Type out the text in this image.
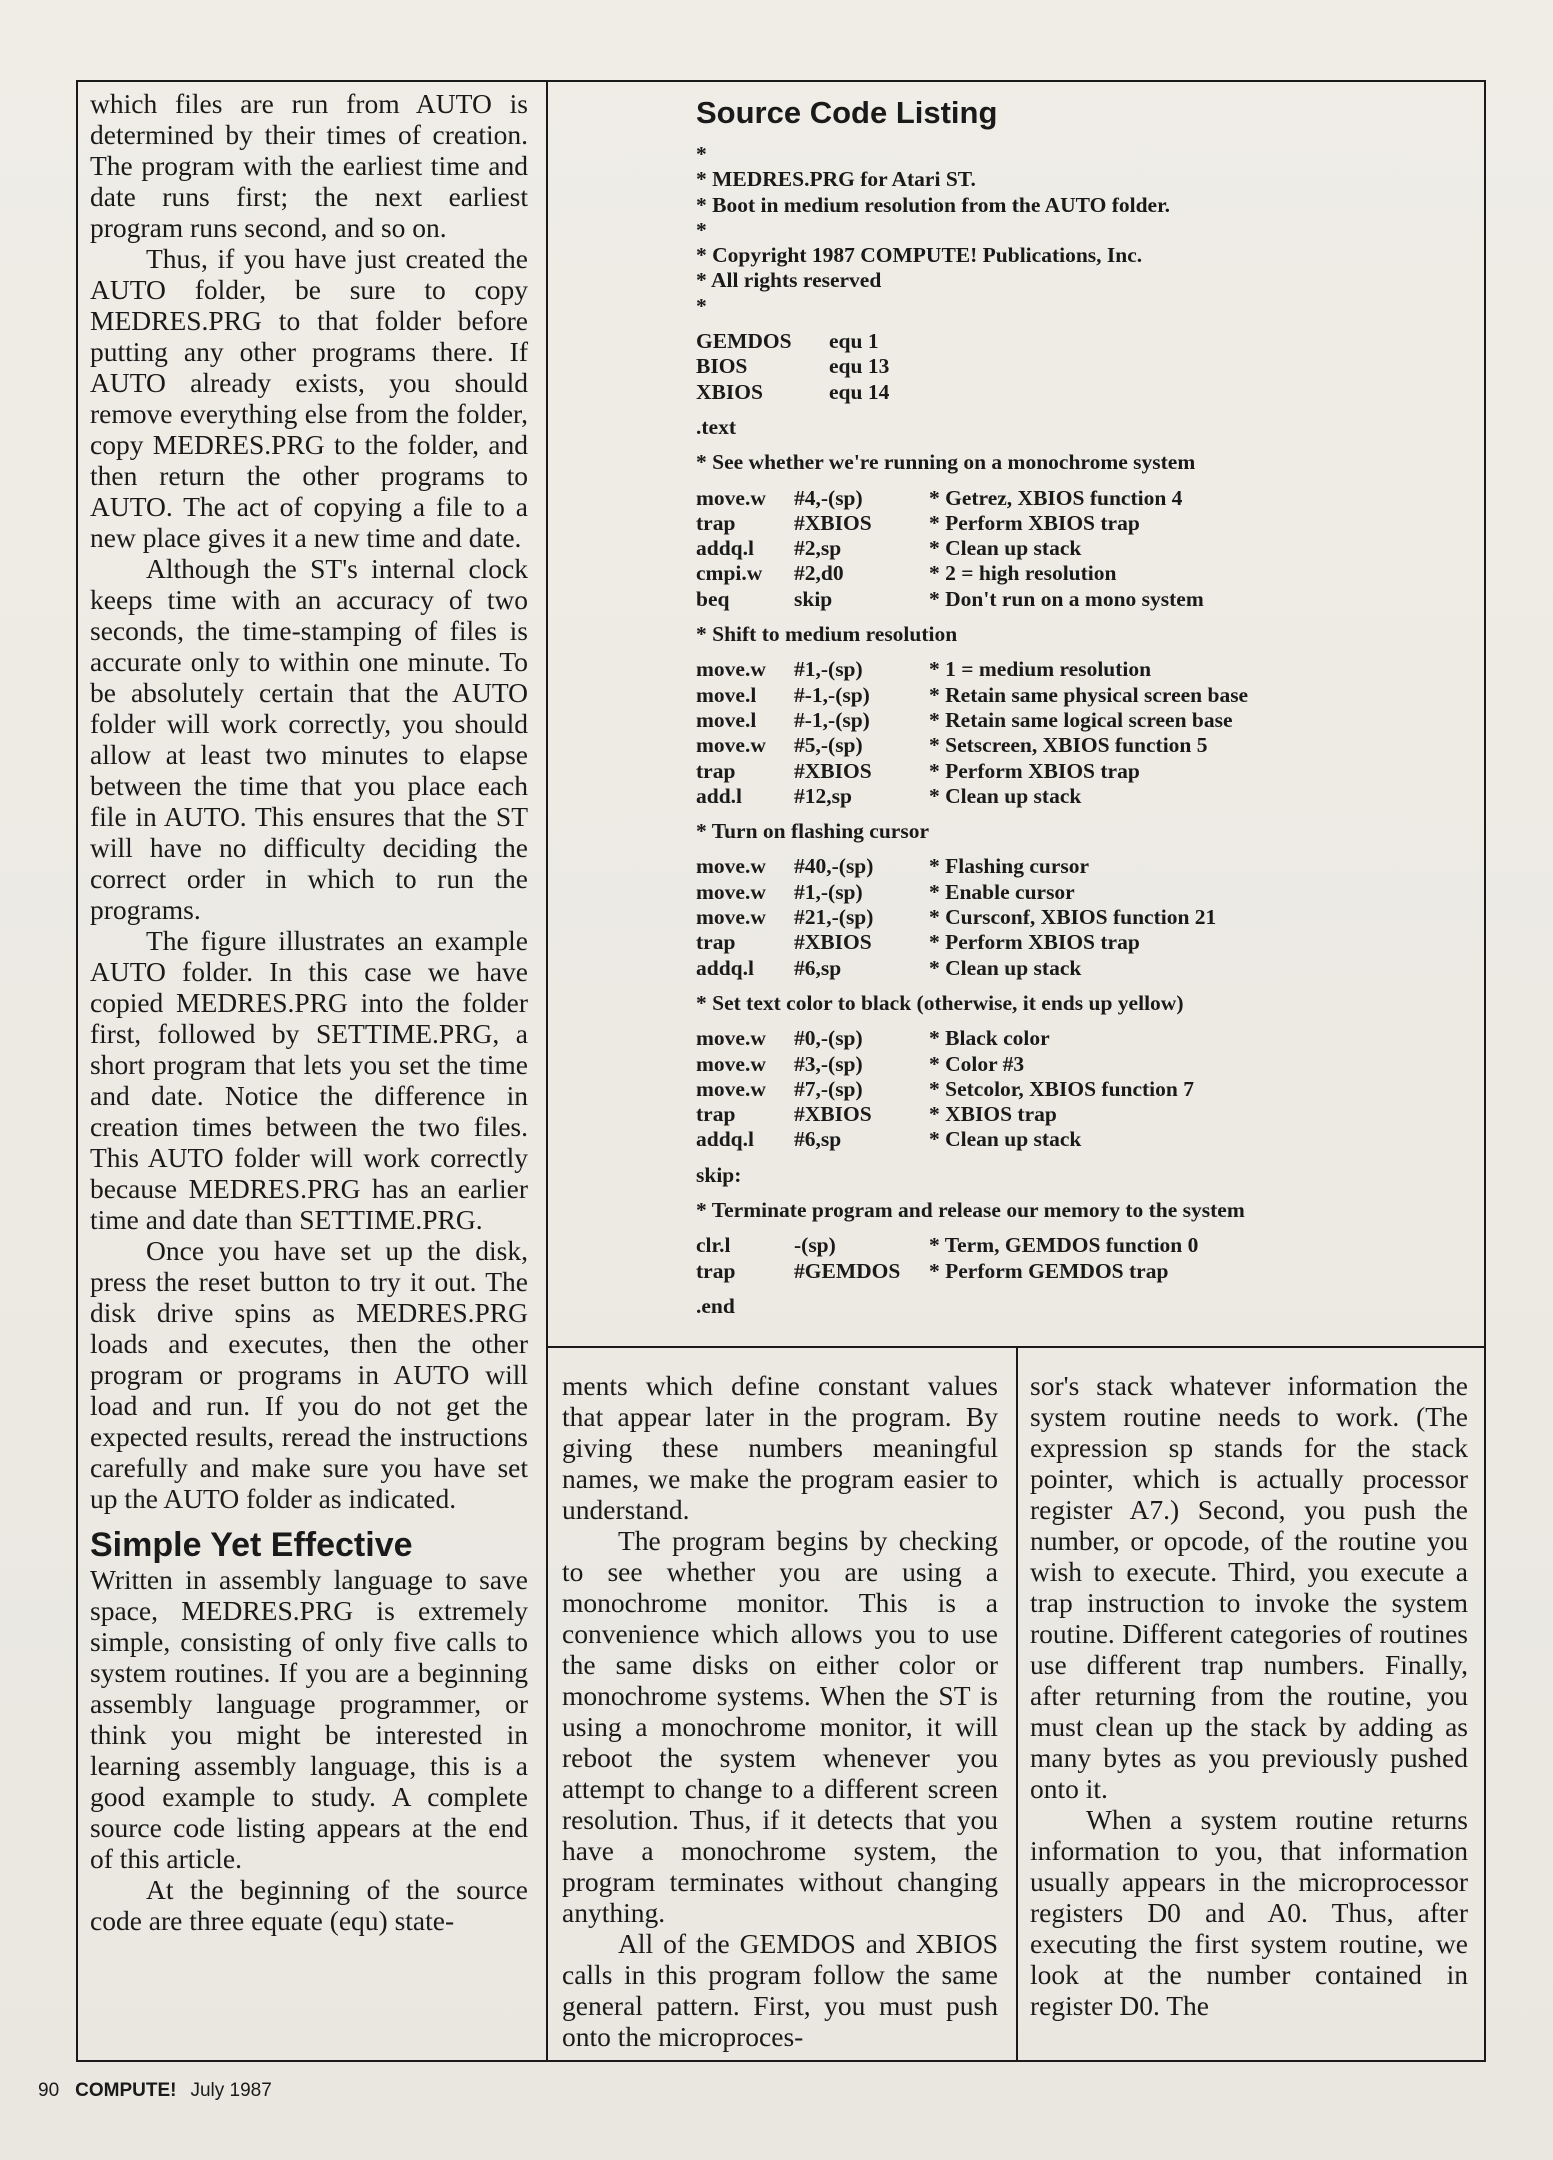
which files are run from AUTO is determined by their times of creation. The program with the earliest time and date runs first; the next earliest program runs second, and so on.

Thus, if you have just created the AUTO folder, be sure to copy MEDRES.PRG to that folder before putting any other programs there. If AUTO already exists, you should remove everything else from the folder, copy MEDRES.PRG to the folder, and then return the other programs to AUTO. The act of copying a file to a new place gives it a new time and date.

Although the ST's internal clock keeps time with an accuracy of two seconds, the time-stamping of files is accurate only to within one minute. To be absolutely certain that the AUTO folder will work correctly, you should allow at least two minutes to elapse between the time that you place each file in AUTO. This ensures that the ST will have no difficulty deciding the correct order in which to run the programs.

The figure illustrates an example AUTO folder. In this case we have copied MEDRES.PRG into the folder first, followed by SETTIME.PRG, a short program that lets you set the time and date. Notice the difference in creation times between the two files. This AUTO folder will work correctly because MEDRES.PRG has an earlier time and date than SETTIME.PRG.

Once you have set up the disk, press the reset button to try it out. The disk drive spins as MEDRES.PRG loads and executes, then the other program or programs in AUTO will load and run. If you do not get the expected results, reread the instructions carefully and make sure you have set up the AUTO folder as indicated.

Simple Yet Effective

Written in assembly language to save space, MEDRES.PRG is extremely simple, consisting of only five calls to system routines. If you are a beginning assembly language programmer, or think you might be interested in learning assembly language, this is a good example to study. A complete source code listing appears at the end of this article.

At the beginning of the source code are three equate (equ) state-

Source Code Listing
*
* MEDRES.PRG for Atari ST.
* Boot in medium resolution from the AUTO folder.
*
* Copyright 1987 COMPUTE! Publications, Inc.
* All rights reserved
*
GEMDOS	equ 1
BIOS	equ 13
XBIOS	equ 14
.text
* See whether we're running on a monochrome system
move.w	#4,-(sp)	* Getrez, XBIOS function 4
trap	#XBIOS	* Perform XBIOS trap
addq.l	#2,sp	* Clean up stack
cmpi.w	#2,d0	* 2 = high resolution
beq	skip	* Don't run on a mono system
* Shift to medium resolution
move.w	#1,-(sp)	* 1 = medium resolution
move.l	#-1,-(sp)	* Retain same physical screen base
move.l	#-1,-(sp)	* Retain same logical screen base
move.w	#5,-(sp)	* Setscreen, XBIOS function 5
trap	#XBIOS	* Perform XBIOS trap
add.l	#12,sp	* Clean up stack
* Turn on flashing cursor
move.w	#40,-(sp)	* Flashing cursor
move.w	#1,-(sp)	* Enable cursor
move.w	#21,-(sp)	* Cursconf, XBIOS function 21
trap	#XBIOS	* Perform XBIOS trap
addq.l	#6,sp	* Clean up stack
* Set text color to black (otherwise, it ends up yellow)
move.w	#0,-(sp)	* Black color
move.w	#3,-(sp)	* Color #3
move.w	#7,-(sp)	* Setcolor, XBIOS function 7
trap	#XBIOS	* XBIOS trap
addq.l	#6,sp	* Clean up stack
skip:
* Terminate program and release our memory to the system
clr.l	-(sp)	* Term, GEMDOS function 0
trap	#GEMDOS	* Perform GEMDOS trap
.end

ments which define constant values that appear later in the program. By giving these numbers meaningful names, we make the program easier to understand.

The program begins by checking to see whether you are using a monochrome monitor. This is a convenience which allows you to use the same disks on either color or monochrome systems. When the ST is using a monochrome monitor, it will reboot the system whenever you attempt to change to a different screen resolution. Thus, if it detects that you have a monochrome system, the program terminates without changing anything.

All of the GEMDOS and XBIOS calls in this program follow the same general pattern. First, you must push onto the microproces-

sor's stack whatever information the system routine needs to work. (The expression sp stands for the stack pointer, which is actually processor register A7.) Second, you push the number, or opcode, of the routine you wish to execute. Third, you execute a trap instruction to invoke the system routine. Different categories of routines use different trap numbers. Finally, after returning from the routine, you must clean up the stack by adding as many bytes as you previously pushed onto it.

When a system routine returns information to you, that information usually appears in the microprocessor registers D0 and A0. Thus, after executing the first system routine, we look at the number contained in register D0. The

90 COMPUTE! July 1987
